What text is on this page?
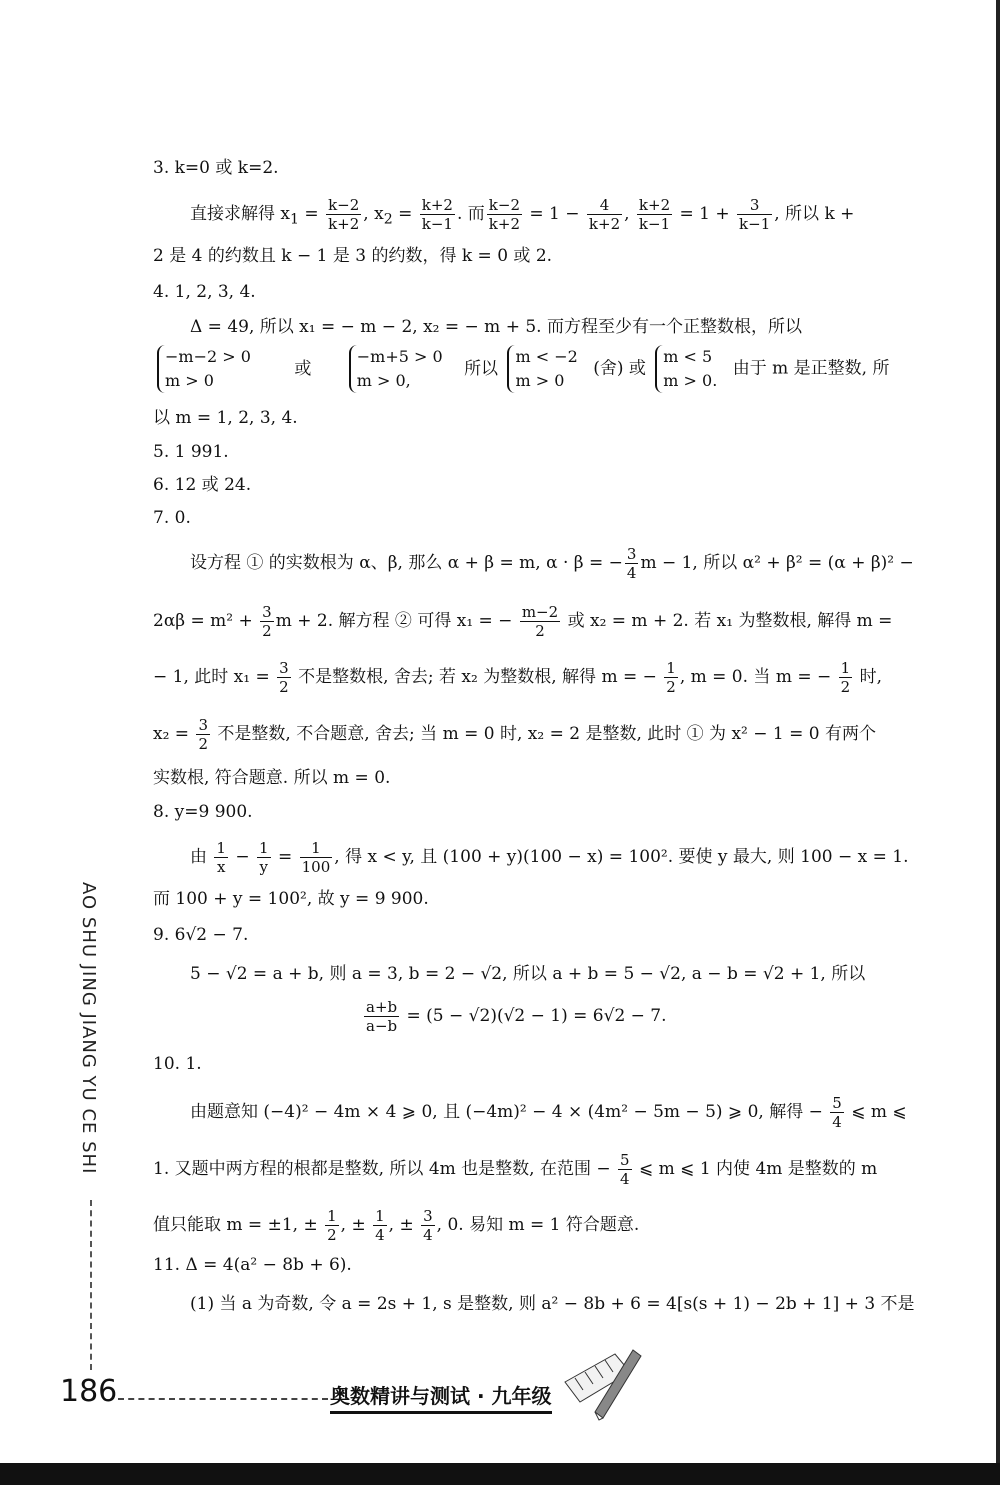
3. k=0 或 k=2.
直接求解得 $x_1 = \frac{k-2}{k+2}$ , $x_2 = \frac{k+2}{k-1}$ . 而 $\frac{k-2}{k+2} = 1 - \frac{4}{k+2}$ , $\frac{k+2}{k-1} = 1 + \frac{3}{k-1}$ , 所以 k +
2 是 4 的约数且 k − 1 是 3 的约数，得 k = 0 或 2.
4. 1, 2, 3, 4.
Δ = 49, 所以 x₁ = − m − 2, x₂ = − m + 5. 而方程至少有一个正整数根，所以
−m−2 > 0
m > 0
或
−m+5 > 0
m > 0,
所以
m < −2
m > 0
(舍) 或
m < 5
m > 0.
由于 m 是正整数, 所
以 m = 1, 2, 3, 4.
5. 1 991.
6. 12 或 24.
7. 0.
设方程 ① 的实数根为 α、β, 那么 α + β = m, α · β = − $\frac{3}{4}$ m − 1, 所以 α² + β² = (α + β)² −
$2\alpha\beta = m^2 + \frac{3}{2}$ m + 2. 解方程 ② 可得 x₁ = − $\frac{m-2}{2}$ 或 x₂ = m + 2. 若 x₁ 为整数根, 解得 m =
− 1, 此时 $x_1 = \frac{3}{2}$ 不是整数根, 舍去; 若 x₂ 为整数根, 解得 m = − $\frac{1}{2}$ , m = 0. 当 m = − $\frac{1}{2}$ 时,
$x_2 = \frac{3}{2}$ 不是整数, 不合题意, 舍去; 当 m = 0 时, x₂ = 2 是整数, 此时 ① 为 x² − 1 = 0 有两个
实数根, 符合题意. 所以 m = 0.
8. y=9 900.
由 $\frac{1}{x} - \frac{1}{y} = \frac{1}{100}$ , 得 x < y, 且 (100 + y)(100 − x) = 100². 要使 y 最大, 则 100 − x = 1.
而 100 + y = 100², 故 y = 9 900.
9. 6√2 − 7.
5 − √2 = a + b, 则 a = 3, b = 2 − √2, 所以 a + b = 5 − √2, a − b = √2 + 1, 所以
$\frac{a+b}{a-b} = (5 - √2)(√2 - 1) = 6√2 - 7$.
10. 1.
由题意知 (−4)² − 4m × 4 ⩾ 0, 且 (−4m)² − 4 × (4m² − 5m − 5) ⩾ 0, 解得 − $\frac{5}{4}$ ⩽ m ⩽
1. 又题中两方程的根都是整数, 所以 4m 也是整数, 在范围 − $\frac{5}{4}$ ⩽ m ⩽ 1 内使 4m 是整数的 m
值只能取 m = ±1, ± $\frac{1}{2}$ , ± $\frac{1}{4}$ , ± $\frac{3}{4}$ , 0. 易知 m = 1 符合题意.
11. Δ = 4(a² − 8b + 6).
(1) 当 a 为奇数, 令 a = 2s + 1, s 是整数, 则 a² − 8b + 6 = 4[s(s + 1) − 2b + 1] + 3 不是
AO SHU JING JIANG YU CE SHI
186	奥数精讲与测试 · 九年级
